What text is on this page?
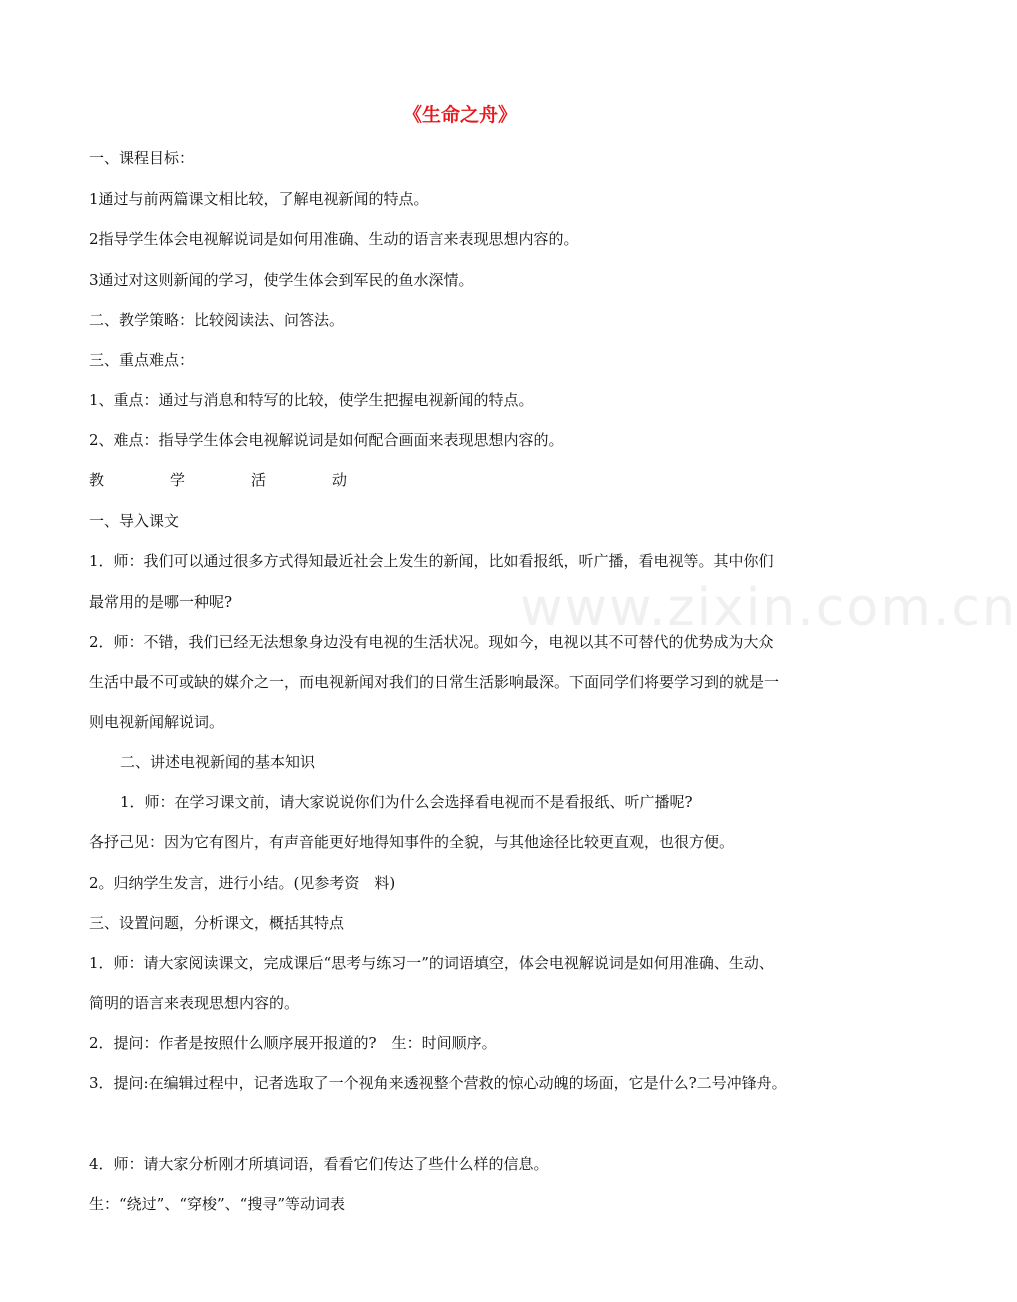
www.zixin.com.cn
《生命之舟》
一、课程目标：
1通过与前两篇课文相比较，了解电视新闻的特点。
2指导学生体会电视解说词是如何用准确、生动的语言来表现思想内容的。
3通过对这则新闻的学习，使学生体会到军民的鱼水深情。
二、教学策略：比较阅读法、问答法。
三、重点难点：
1、重点：通过与消息和特写的比较，使学生把握电视新闻的特点。
2、难点：指导学生体会电视解说词是如何配合画面来表现思想内容的。
教	学	活	动
一、导入课文
1．师：我们可以通过很多方式得知最近社会上发生的新闻，比如看报纸，听广播，看电视等。其中你们
最常用的是哪一种呢?
2．师：不错，我们已经无法想象身边没有电视的生活状况。现如今，电视以其不可替代的优势成为大众
生活中最不可或缺的媒介之一，而电视新闻对我们的日常生活影响最深。下面同学们将要学习到的就是一
则电视新闻解说词。
二、讲述电视新闻的基本知识
1．师：在学习课文前，请大家说说你们为什么会选择看电视而不是看报纸、听广播呢?
各抒己见：因为它有图片，有声音能更好地得知事件的全貌，与其他途径比较更直观，也很方便。
2。归纳学生发言，进行小结。(见参考资　料)
三、设置问题，分析课文，概括其特点
1．师：请大家阅读课文，完成课后“思考与练习一”的词语填空，体会电视解说词是如何用准确、生动、
简明的语言来表现思想内容的。
2．提问：作者是按照什么顺序展开报道的?　生：时间顺序。
3．提问:在编辑过程中，记者选取了一个视角来透视整个营救的惊心动魄的场面，它是什么?二号冲锋舟。
4．师：请大家分析刚才所填词语，看看它们传达了些什么样的信息。
生：“绕过”、“穿梭”、“搜寻”等动词表
